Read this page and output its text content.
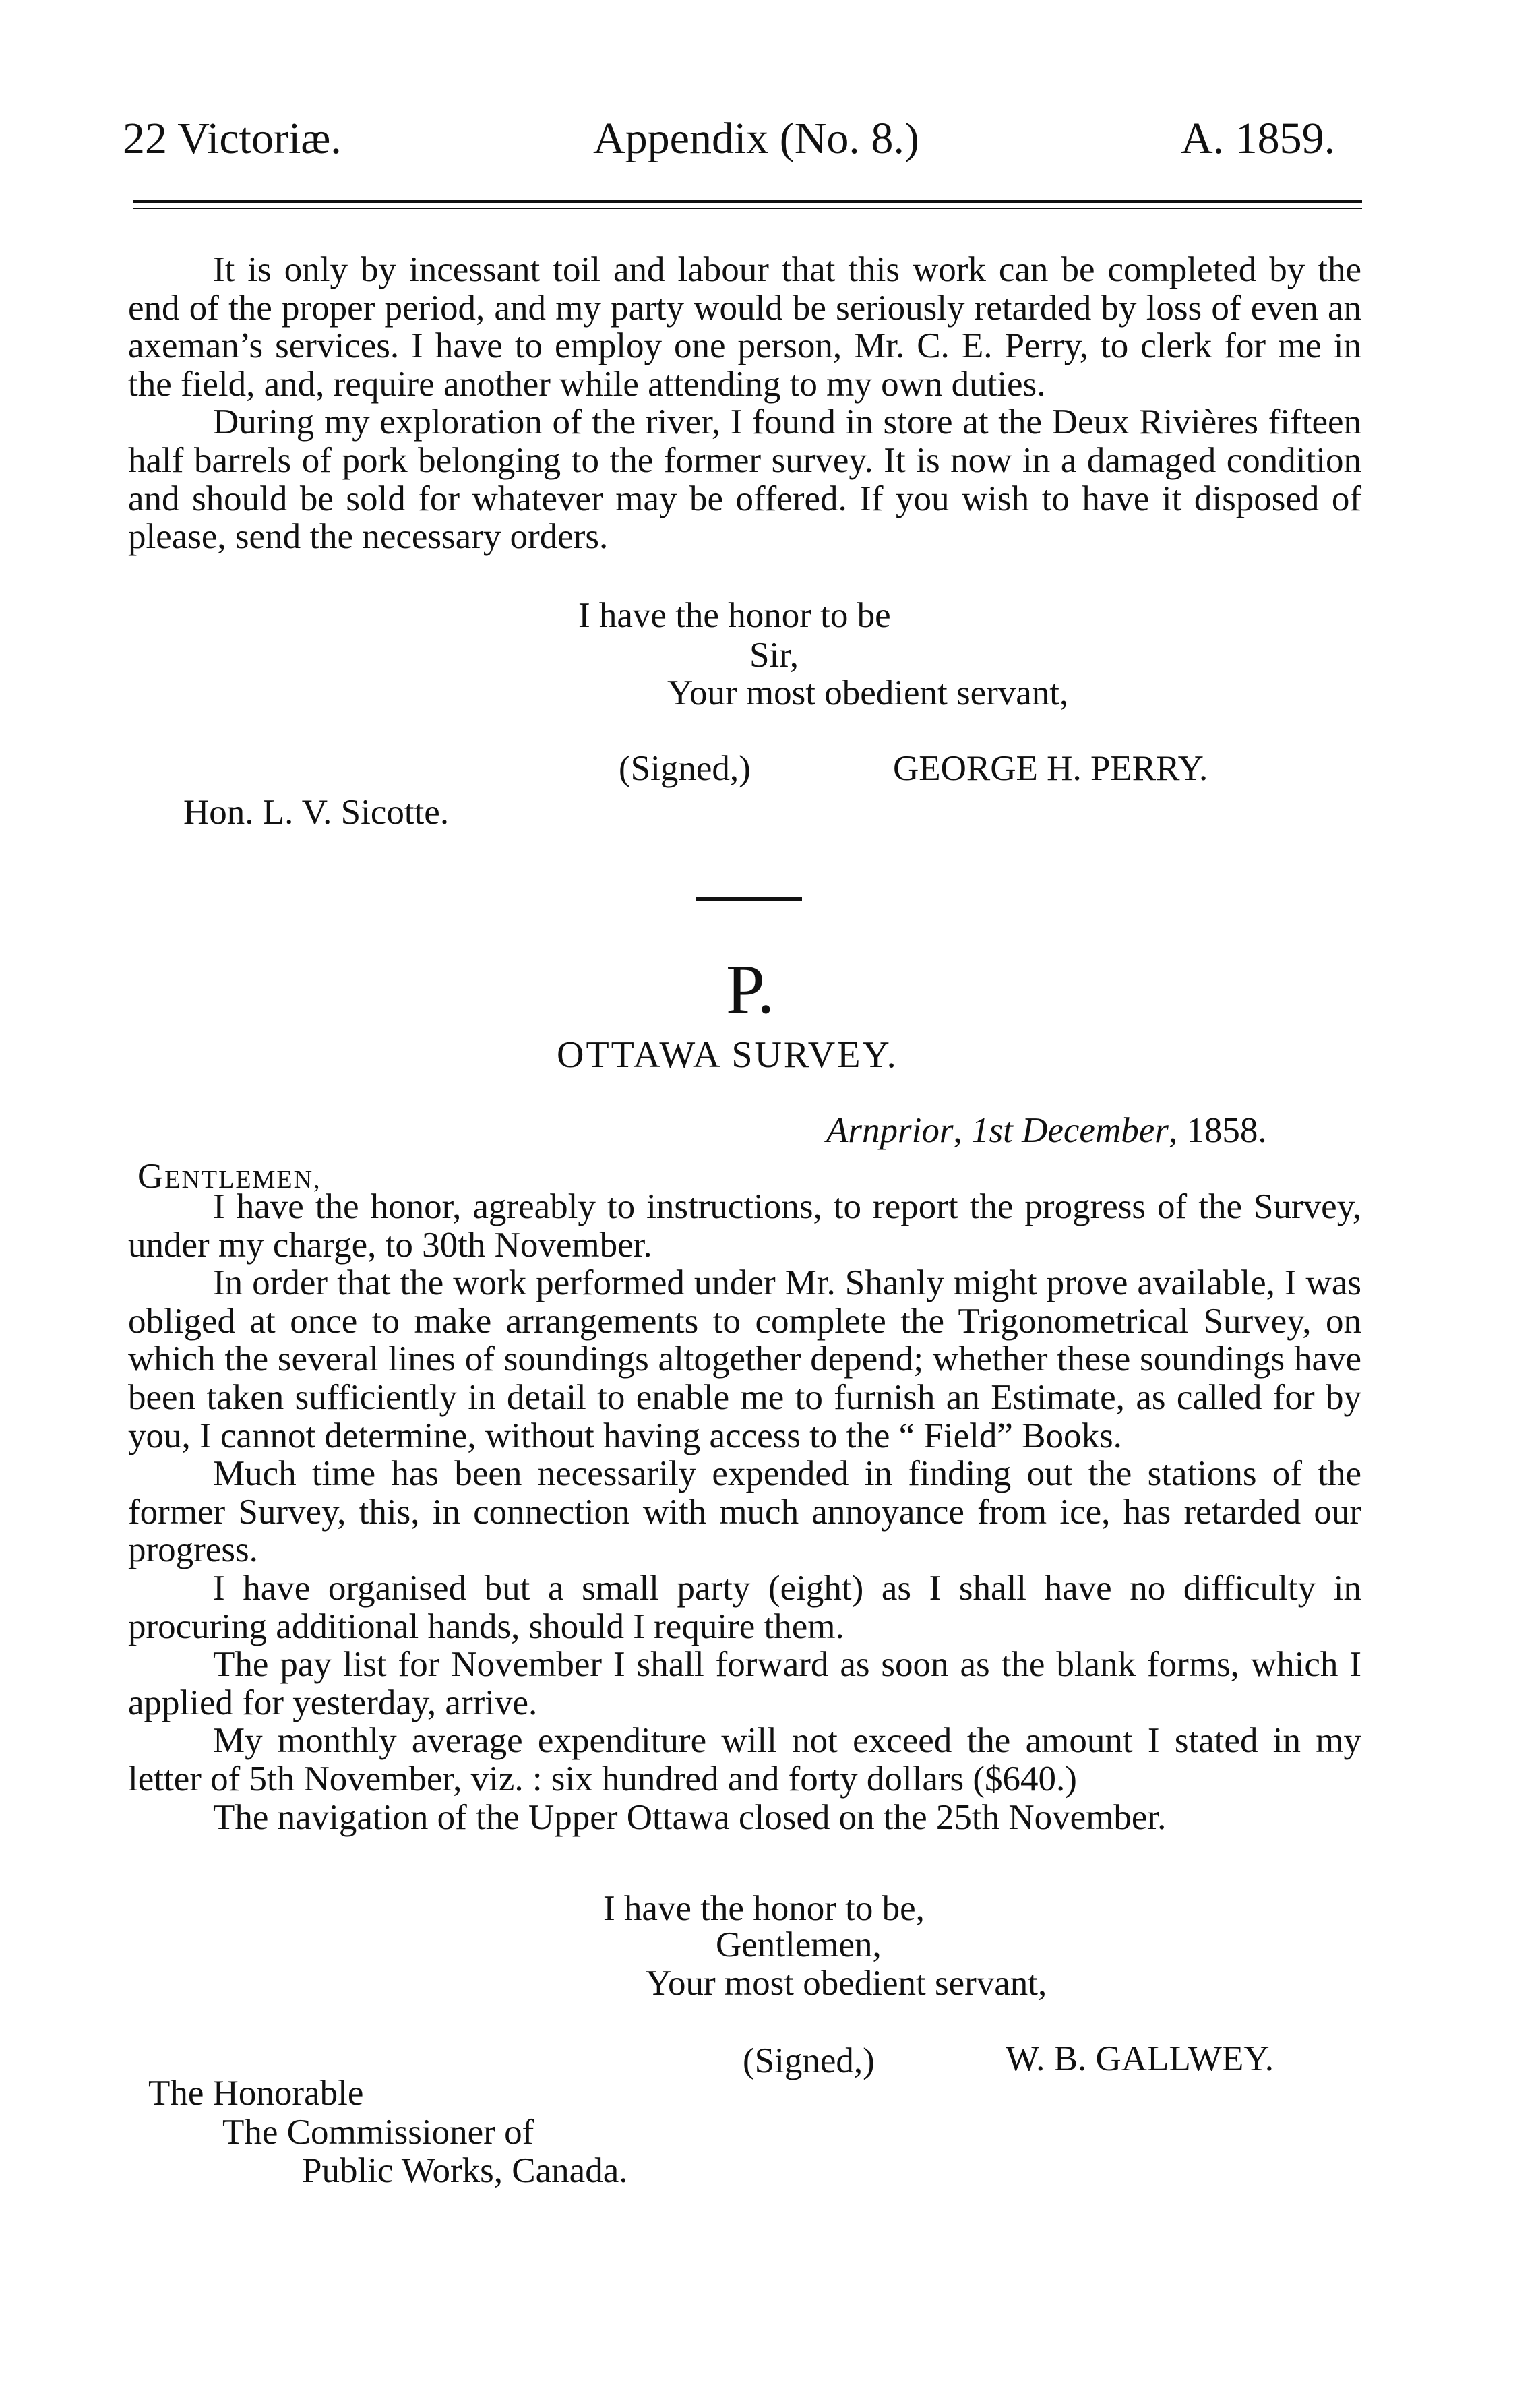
22 Victoriæ.	Appendix (No. 8.)	A. 1859.

It is only by incessant toil and labour that this work can be completed by the end of the proper period, and my party would be seriously retarded by loss of even an axeman’s services. I have to employ one person, Mr. C. E. Perry, to clerk for me in the field, and, require another while attending to my own duties.

During my exploration of the river, I found in store at the Deux Rivières fifteen half barrels of pork belonging to the former survey. It is now in a damaged condition and should be sold for whatever may be offered. If you wish to have it disposed of please, send the necessary orders.

I have the honor to be
Sir,
Your most obedient servant,
(Signed,)	GEORGE H. PERRY.
Hon. L. V. Sicotte.
P.
OTTAWA SURVEY.
Arnprior, 1st December, 1858.
GENTLEMEN,

I have the honor, agreably to instructions, to report the progress of the Survey, under my charge, to 30th November.

In order that the work performed under Mr. Shanly might prove available, I was obliged at once to make arrangements to complete the Trigonometrical Survey, on which the several lines of soundings altogether depend; whether these soundings have been taken sufficiently in detail to enable me to furnish an Estimate, as called for by you, I cannot determine, without having access to the “ Field” Books.

Much time has been necessarily expended in finding out the stations of the former Survey, this, in connection with much annoyance from ice, has retarded our progress.

I have organised but a small party (eight) as I shall have no difficulty in procuring additional hands, should I require them.

The pay list for November I shall forward as soon as the blank forms, which I applied for yesterday, arrive.

My monthly average expenditure will not exceed the amount I stated in my letter of 5th November, viz. : six hundred and forty dollars ($640.)

The navigation of the Upper Ottawa closed on the 25th November.

I have the honor to be,
Gentlemen,
Your most obedient servant,
(Signed,)	W. B. GALLWEY.
The Honorable
The Commissioner of
Public Works, Canada.
